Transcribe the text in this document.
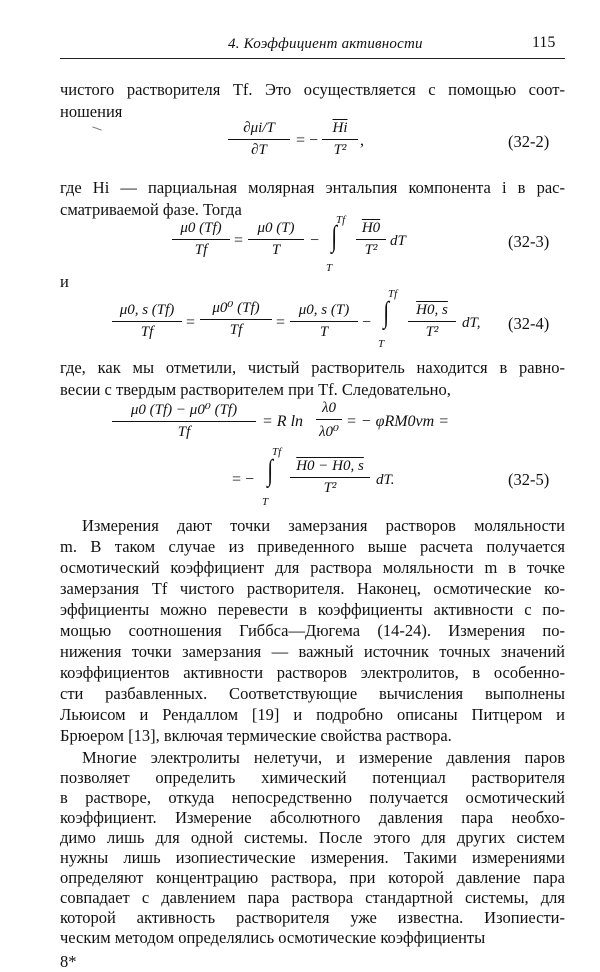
4. Коэффициент активности	115
чистого растворителя Tf. Это осуществляется с помощью соот-
ношения
∂μi/T
∂T
= −
$\overline{Hi}$
T²
,	(32-2)
где Hi — парциальная молярная энтальпия компонента i в рас-
сматриваемой фазе. Тогда
μ0 (Tf)
Tf
=
μ0 (T)
T
−
Tf
∫
T
H0
T²
dT	(32-3)
и
μ0, s (Tf)
Tf
=
μ0⁰ (Tf)
Tf	=
μ0, s (T)
T
−
Tf
∫
T
H0, s
T²
dT, (32-4)
где, как мы отметили, чистый растворитель находится в равно-
весии с твердым растворителем при Tf. Следовательно,
μ0 (Tf) − μ0⁰ (Tf)
Tf
= R ln
λ0
λ0⁰
= − φRM0νm =
= −
Tf
∫
T
H0 − H0, s
T²	dT.	(32-5)
Измерения дают точки замерзания растворов моляльности
m. В таком случае из приведенного выше расчета получается
осмотический коэффициент для раствора моляльности m в точке
замерзания Tf чистого растворителя. Наконец, осмотические ко-
эффициенты можно перевести в коэффициенты активности с по-
мощью соотношения Гиббса—Дюгема (14-24). Измерения по-
нижения точки замерзания — важный источник точных значений
коэффициентов активности растворов электролитов, в особенно-
сти разбавленных. Соответствующие вычисления выполнены
Льюисом и Рендаллом [19] и подробно описаны Питцером и
Брюером [13], включая термические свойства раствора.
Многие электролиты нелетучи, и измерение давления паров
позволяет определить химический потенциал растворителя
в растворе, откуда непосредственно получается осмотический
коэффициент. Измерение абсолютного давления пара необхо-
димо лишь для одной системы. После этого для других систем
нужны лишь изопиестические измерения. Такими измерениями
8*
определяют концентрацию раствора, при которой давление пара
совпадает с давлением пара раствора стандартной системы, для
которой активность растворителя уже известна. Изопиести-
ческим методом определялись осмотические коэффициенты
